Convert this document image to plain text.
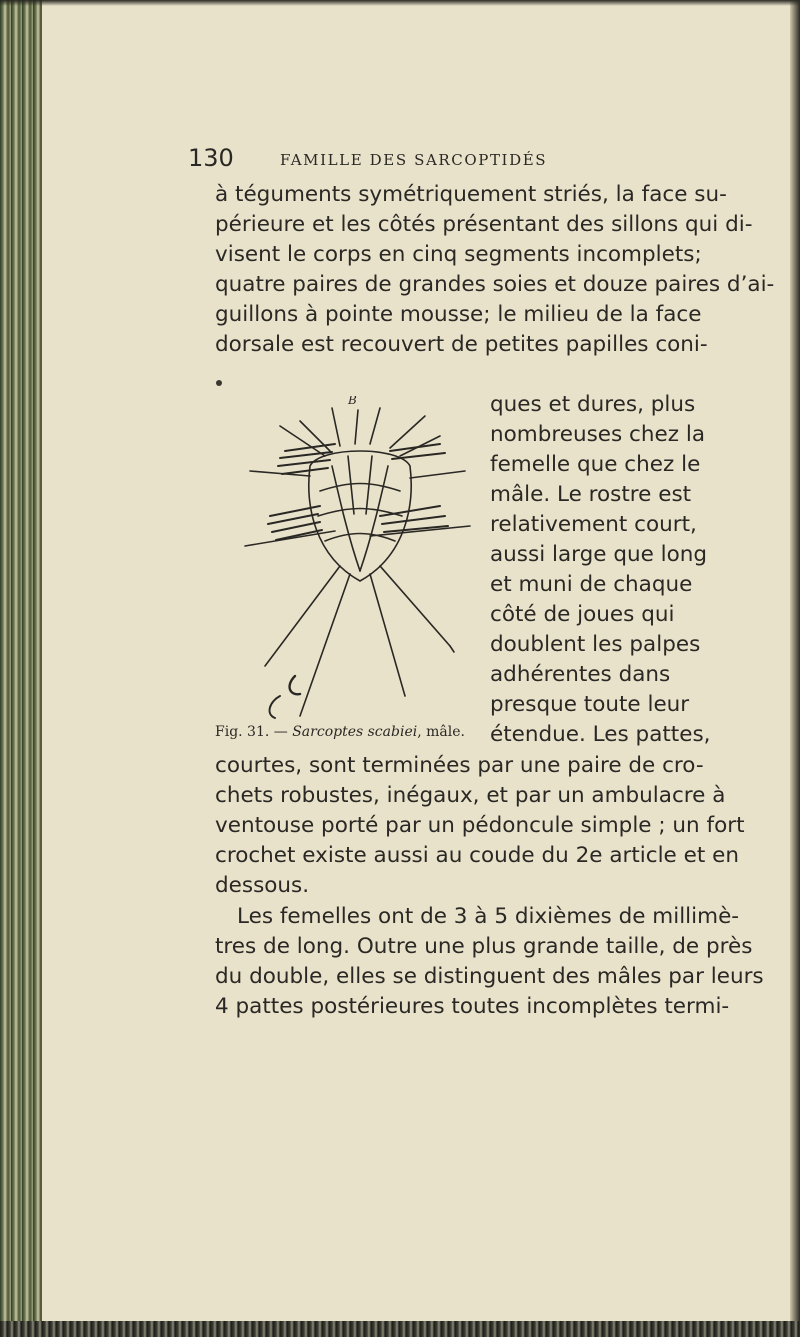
130	FAMILLE DES SARCOPTIDÉS
à téguments symétriquement striés, la face su-
périeure et les côtés présentant des sillons qui di-
visent le corps en cinq segments incomplets;
quatre paires de grandes soies et douze paires d’ai-
guillons à pointe mousse; le milieu de la face
dorsale est recouvert de petites papilles coni-
ques et dures, plus
nombreuses chez la
femelle que chez le
mâle. Le rostre est
relativement court,
aussi large que long
et muni de chaque
côté de joues qui
doublent les palpes
adhérentes dans
presque toute leur
B
Fig. 31. — Sarcoptes scabiei, mâle. étendue. Les pattes,
courtes, sont terminées par une paire de cro-
chets robustes, inégaux, et par un ambulacre à
ventouse porté par un pédoncule simple ; un fort
crochet existe aussi au coude du 2e article et en
dessous.
Les femelles ont de 3 à 5 dixièmes de millimè-
tres de long. Outre une plus grande taille, de près
du double, elles se distinguent des mâles par leurs
4 pattes postérieures toutes incomplètes termi-
